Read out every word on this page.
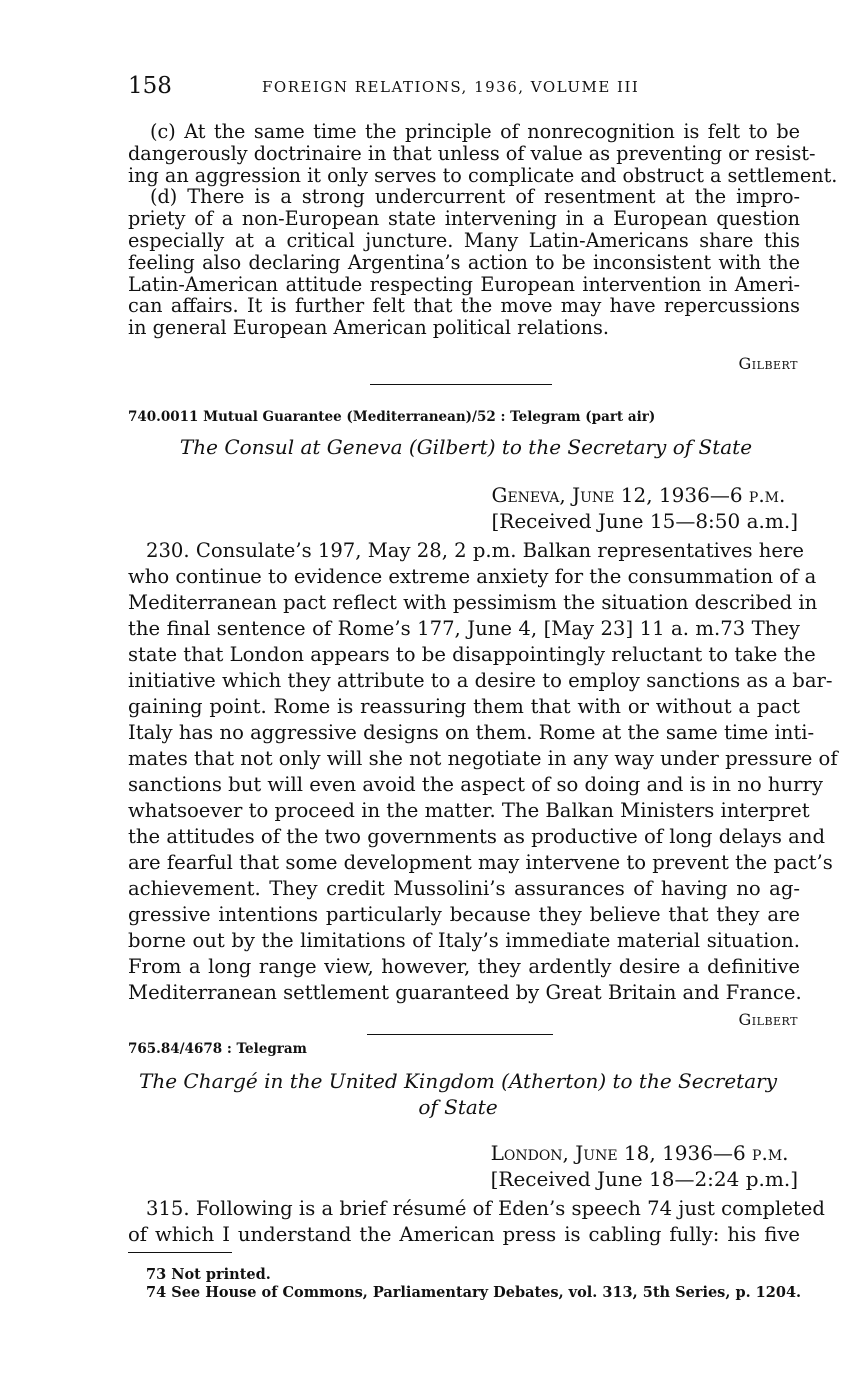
158	FOREIGN RELATIONS, 1936, VOLUME III
(c) At the same time the principle of nonrecognition is felt to be
dangerously doctrinaire in that unless of value as preventing or resist-
ing an aggression it only serves to complicate and obstruct a settlement.
(d) There is a strong undercurrent of resentment at the impro-
priety of a non-European state intervening in a European question
especially at a critical juncture. Many Latin-Americans share this
feeling also declaring Argentina’s action to be inconsistent with the
Latin-American attitude respecting European intervention in Ameri-
can affairs. It is further felt that the move may have repercussions
in general European American political relations.
Gilbert
740.0011 Mutual Guarantee (Mediterranean)/52 : Telegram (part air)
The Consul at Geneva (Gilbert) to the Secretary of State
Geneva, June 12, 1936—6 p.m.
[Received June 15—8:50 a.m.]
230. Consulate’s 197, May 28, 2 p.m. Balkan representatives here
who continue to evidence extreme anxiety for the consummation of a
Mediterranean pact reflect with pessimism the situation described in
the final sentence of Rome’s 177, June 4, [May 23] 11 a. m.73 They
state that London appears to be disappointingly reluctant to take the
initiative which they attribute to a desire to employ sanctions as a bar-
gaining point. Rome is reassuring them that with or without a pact
Italy has no aggressive designs on them. Rome at the same time inti-
mates that not only will she not negotiate in any way under pressure of
sanctions but will even avoid the aspect of so doing and is in no hurry
whatsoever to proceed in the matter. The Balkan Ministers interpret
the attitudes of the two governments as productive of long delays and
are fearful that some development may intervene to prevent the pact’s
achievement. They credit Mussolini’s assurances of having no ag-
gressive intentions particularly because they believe that they are
borne out by the limitations of Italy’s immediate material situation.
From a long range view, however, they ardently desire a definitive
Mediterranean settlement guaranteed by Great Britain and France.
Gilbert
765.84/4678 : Telegram
The Chargé in the United Kingdom (Atherton) to the Secretary
of State
London, June 18, 1936—6 p.m.
[Received June 18—2:24 p.m.]
315. Following is a brief résumé of Eden’s speech 74 just completed
of which I understand the American press is cabling fully: his five
73 Not printed.
74 See House of Commons, Parliamentary Debates, vol. 313, 5th Series, p. 1204.
